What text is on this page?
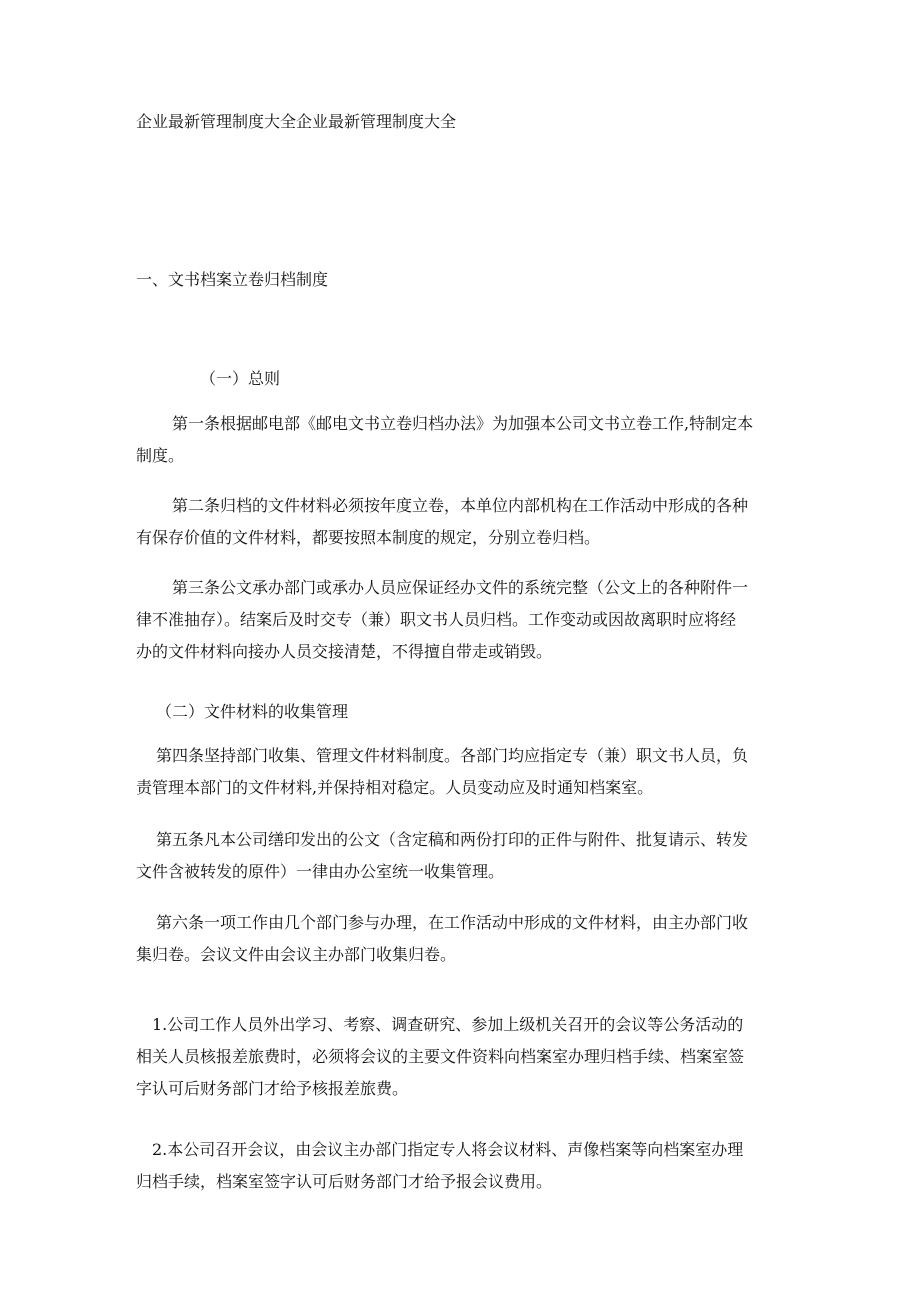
企业最新管理制度大全企业最新管理制度大全

一、文书档案立卷归档制度

（一）总则

第一条根据邮电部《邮电文书立卷归档办法》为加强本公司文书立卷工作,特制定本
制度。
第二条归档的文件材料必须按年度立卷，本单位内部机构在工作活动中形成的各种
有保存价值的文件材料，都要按照本制度的规定，分别立卷归档。
第三条公文承办部门或承办人员应保证经办文件的系统完整（公文上的各种附件一
律不准抽存）。结案后及时交专（兼）职文书人员归档。工作变动或因故离职时应将经
办的文件材料向接办人员交接清楚，不得擅自带走或销毁。

（二）文件材料的收集管理

第四条坚持部门收集、管理文件材料制度。各部门均应指定专（兼）职文书人员，负
责管理本部门的文件材料,并保持相对稳定。人员变动应及时通知档案室。
第五条凡本公司缮印发出的公文（含定稿和两份打印的正件与附件、批复请示、转发
文件含被转发的原件）一律由办公室统一收集管理。
第六条一项工作由几个部门参与办理，在工作活动中形成的文件材料，由主办部门收
集归卷。会议文件由会议主办部门收集归卷。
1.公司工作人员外出学习、考察、调查研究、参加上级机关召开的会议等公务活动的
相关人员核报差旅费时，必须将会议的主要文件资料向档案室办理归档手续、档案室签
字认可后财务部门才给予核报差旅费。
2.本公司召开会议，由会议主办部门指定专人将会议材料、声像档案等向档案室办理
归档手续，档案室签字认可后财务部门才给予报会议费用。
